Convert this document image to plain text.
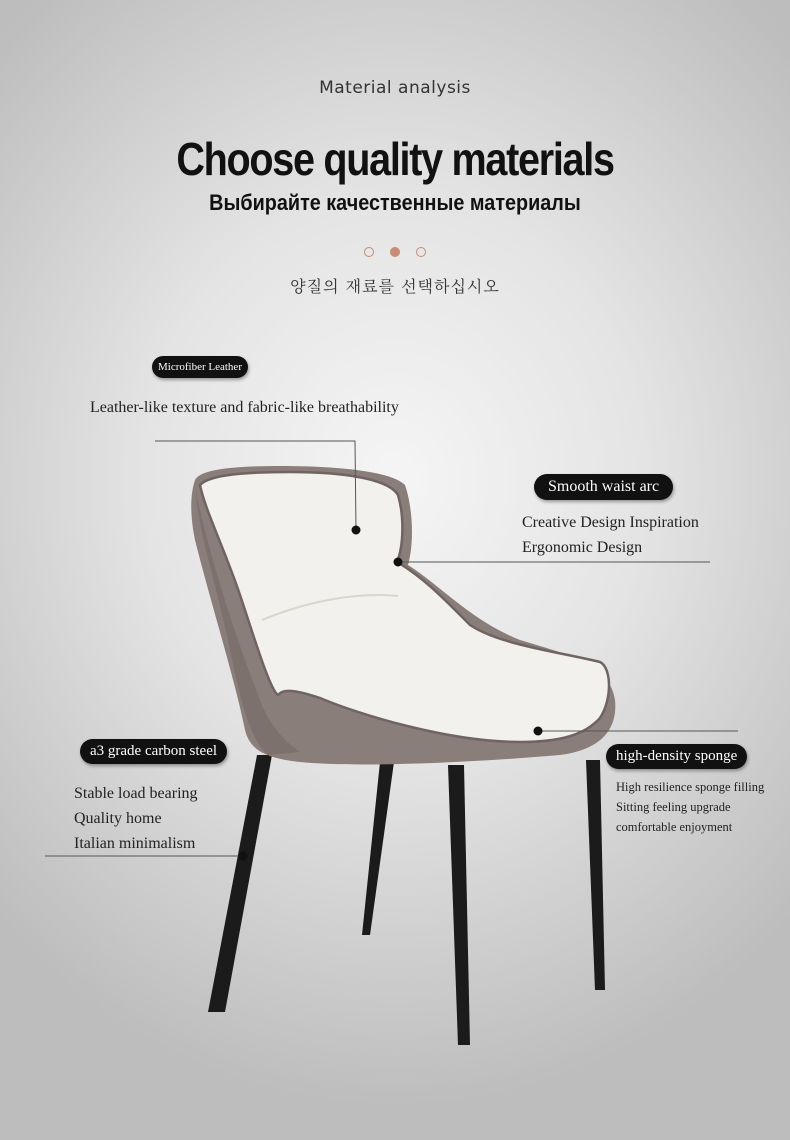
Material analysis
Choose quality materials
Выбирайте качественные материалы
양질의 재료를 선택하십시오
Microfiber Leather
Leather-like texture and fabric-like breathability
Smooth waist arc
Creative Design Inspiration
Ergonomic Design
a3 grade carbon steel
Stable load bearing
Quality home
Italian minimalism
high-density sponge
High resilience sponge filling
Sitting feeling upgrade
comfortable enjoyment
